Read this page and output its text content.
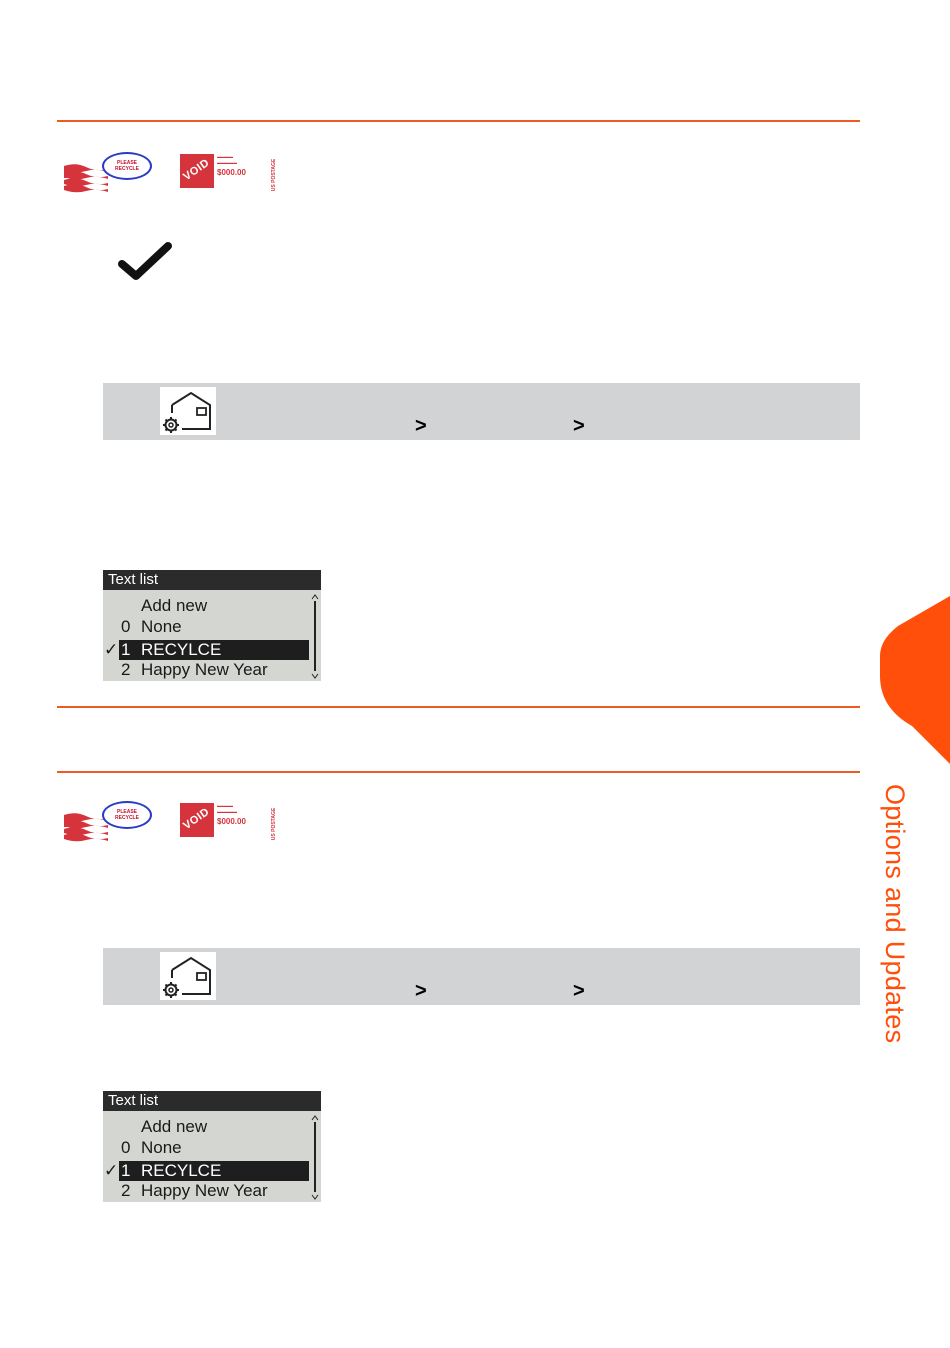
PLEASE
RECYCLE	VOID
▬▬▬▬
▬▬▬▬▬
$000.00	US POSTAGE
>	>
Text list
Add new
0 None
✓ 1 RECYLCE
2 Happy New Year
PLEASE
RECYCLE	VOID
▬▬▬▬
▬▬▬▬▬
$000.00	US POSTAGE
>	>
Text list
Add new
0 None
✓ 1 RECYLCE
2 Happy New Year
Options and Updates
